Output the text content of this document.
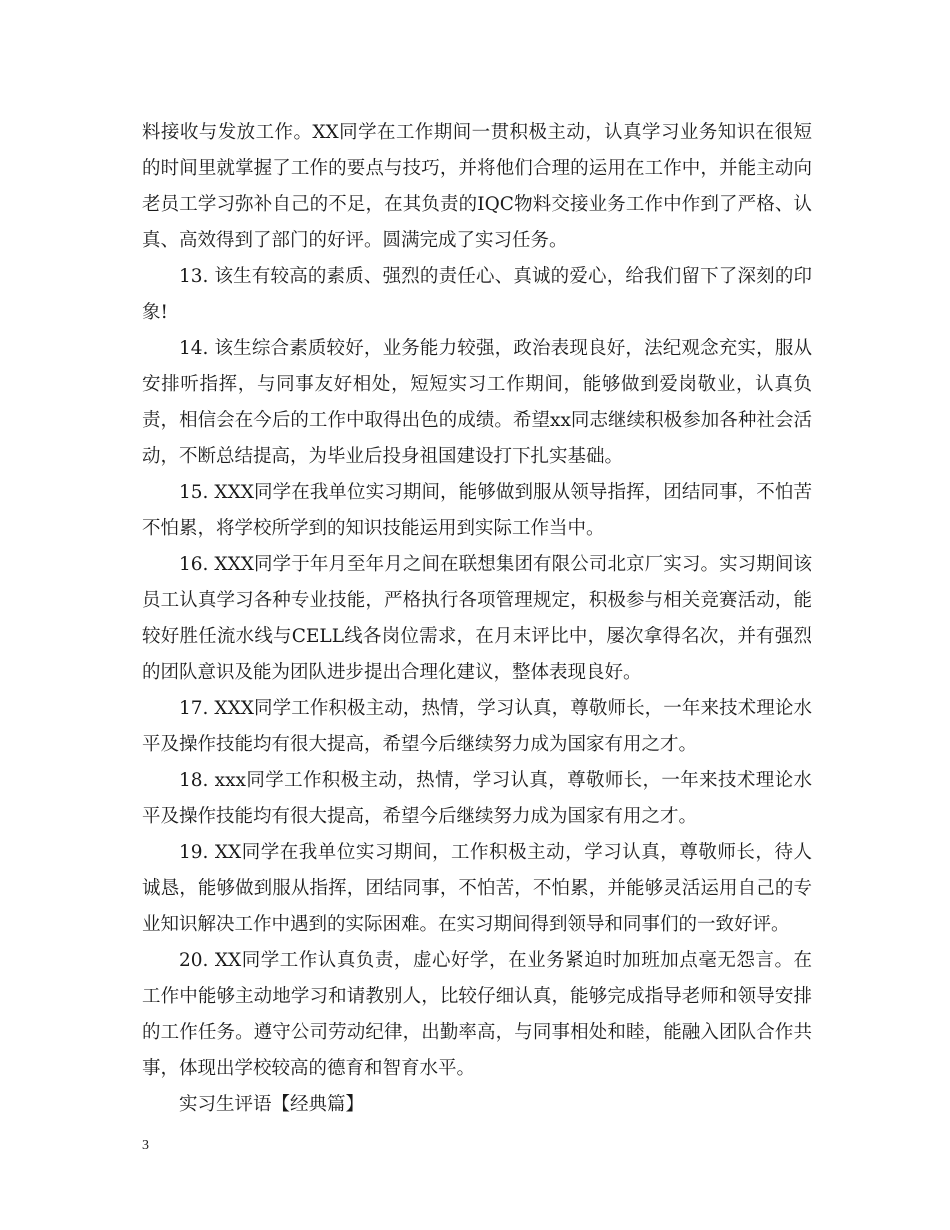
料接收与发放工作。XX同学在工作期间一贯积极主动，认真学习业务知识在很短的时间里就掌握了工作的要点与技巧，并将他们合理的运用在工作中，并能主动向老员工学习弥补自己的不足，在其负责的IQC物料交接业务工作中作到了严格、认真、高效得到了部门的好评。圆满完成了实习任务。

13. 该生有较高的素质、强烈的责任心、真诚的爱心，给我们留下了深刻的印象!

14. 该生综合素质较好，业务能力较强，政治表现良好，法纪观念充实，服从安排听指挥，与同事友好相处，短短实习工作期间，能够做到爱岗敬业，认真负责，相信会在今后的工作中取得出色的成绩。希望xx同志继续积极参加各种社会活动，不断总结提高，为毕业后投身祖国建设打下扎实基础。

15. XXX同学在我单位实习期间，能够做到服从领导指挥，团结同事，不怕苦不怕累，将学校所学到的知识技能运用到实际工作当中。

16. XXX同学于年月至年月之间在联想集团有限公司北京厂实习。实习期间该员工认真学习各种专业技能，严格执行各项管理规定，积极参与相关竞赛活动，能较好胜任流水线与CELL线各岗位需求，在月末评比中，屡次拿得名次，并有强烈的团队意识及能为团队进步提出合理化建议，整体表现良好。

17. XXX同学工作积极主动，热情，学习认真，尊敬师长，一年来技术理论水平及操作技能均有很大提高，希望今后继续努力成为国家有用之才。

18. xxx同学工作积极主动，热情，学习认真，尊敬师长，一年来技术理论水平及操作技能均有很大提高，希望今后继续努力成为国家有用之才。

19. XX同学在我单位实习期间，工作积极主动，学习认真，尊敬师长，待人诚恳，能够做到服从指挥，团结同事，不怕苦，不怕累，并能够灵活运用自己的专业知识解决工作中遇到的实际困难。在实习期间得到领导和同事们的一致好评。

20. XX同学工作认真负责，虚心好学，在业务紧迫时加班加点毫无怨言。在工作中能够主动地学习和请教别人，比较仔细认真，能够完成指导老师和领导安排的工作任务。遵守公司劳动纪律，出勤率高，与同事相处和睦，能融入团队合作共事，体现出学校较高的德育和智育水平。

实习生评语【经典篇】

3
